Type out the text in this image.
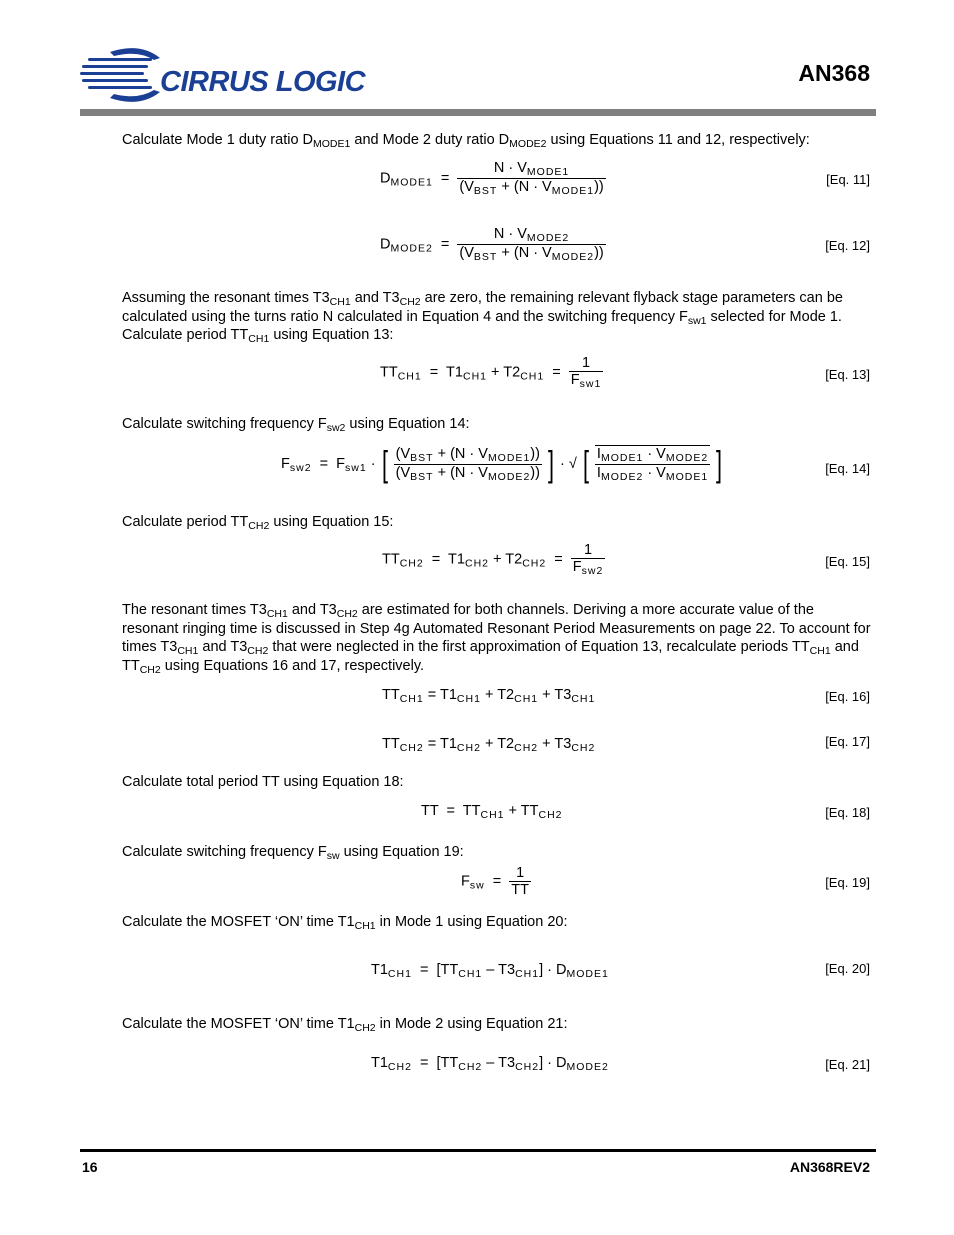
CIRRUS LOGIC	AN368
Calculate Mode 1 duty ratio $D_{MODE1}$ and Mode 2 duty ratio $D_{MODE2}$ using Equations 11 and 12, respectively:
$D_{MODE1} = \frac{N \cdot V_{MODE1}}{(V_{BST} + (N \cdot V_{MODE1}))}$	[Eq. 11]
$D_{MODE2} = \frac{N \cdot V_{MODE2}}{(V_{BST} + (N \cdot V_{MODE2}))}$	[Eq. 12]
Assuming the resonant times $T3_{CH1}$ and $T3_{CH2}$ are zero, the remaining relevant flyback stage parameters can be calculated using the turns ratio N calculated in Equation 4 and the switching frequency $F_{sw1}$ selected for Mode 1. Calculate period $TT_{CH1}$ using Equation 13:
$TT_{CH1} = T1_{CH1} + T2_{CH1} = \frac{1}{F_{sw1}}$	[Eq. 13]
Calculate switching frequency $F_{sw2}$ using Equation 14:
$F_{sw2} = F_{sw1}$ · [ $\frac{(V_{BST} + (N \cdot V_{MODE1}))}{(V_{BST} + (N \cdot V_{MODE2}))}$ ] · √ [ $\frac{I_{MODE1} \cdot V_{MODE2}}{I_{MODE2} \cdot V_{MODE1}}$ ]	[Eq. 14]
Calculate period $TT_{CH2}$ using Equation 15:
$TT_{CH2} = T1_{CH2} + T2_{CH2} = \frac{1}{F_{sw2}}$	[Eq. 15]
The resonant times $T3_{CH1}$ and $T3_{CH2}$ are estimated for both channels. Deriving a more accurate value of the resonant ringing time is discussed in Step 4g Automated Resonant Period Measurements on page 22. To account for times $T3_{CH1}$ and $T3_{CH2}$ that were neglected in the first approximation of Equation 13, recalculate periods $TT_{CH1}$ and $TT_{CH2}$ using Equations 16 and 17, respectively.
$TT_{CH1} = T1_{CH1} + T2_{CH1} + T3_{CH1}$	[Eq. 16]
$TT_{CH2} = T1_{CH2} + T2_{CH2} + T3_{CH2}$	[Eq. 17]
Calculate total period TT using Equation 18:
TT  =  $TT_{CH1} + TT_{CH2}$	[Eq. 18]
Calculate switching frequency $F_{sw}$ using Equation 19:
$F_{sw} = \frac{1}{TT}$	[Eq. 19]
Calculate the MOSFET ‘ON’ time $T1_{CH1}$ in Mode 1 using Equation 20:
$T1_{CH1} = [TT_{CH1} - T3_{CH1}] \cdot D_{MODE1}$	[Eq. 20]
Calculate the MOSFET ‘ON’ time $T1_{CH2}$ in Mode 2 using Equation 21:
$T1_{CH2} = [TT_{CH2} - T3_{CH2}] \cdot D_{MODE2}$	[Eq. 21]
16	AN368REV2
